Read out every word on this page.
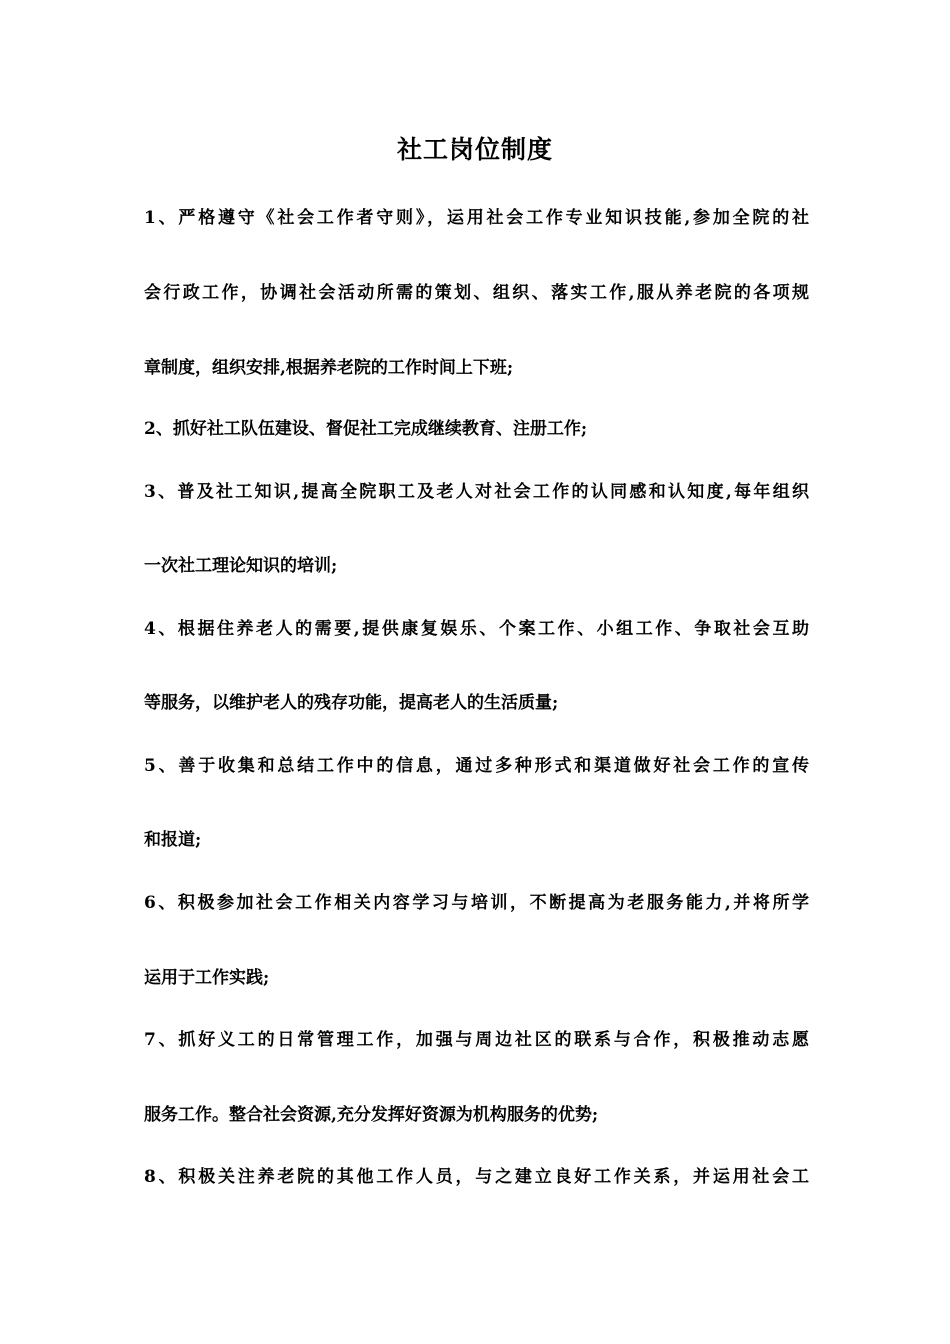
社工岗位制度
1、严格遵守《社会工作者守则》，运用社会工作专业知识技能,参加全院的社
会行政工作，协调社会活动所需的策划、组织、落实工作,服从养老院的各项规
章制度，组织安排,根据养老院的工作时间上下班;
2、抓好社工队伍建设、督促社工完成继续教育、注册工作;
3、普及社工知识,提高全院职工及老人对社会工作的认同感和认知度,每年组织
一次社工理论知识的培训;
4、根据住养老人的需要,提供康复娱乐、个案工作、小组工作、争取社会互助
等服务，以维护老人的残存功能，提高老人的生活质量;
5、善于收集和总结工作中的信息，通过多种形式和渠道做好社会工作的宣传
和报道;
6、积极参加社会工作相关内容学习与培训，不断提高为老服务能力,并将所学
运用于工作实践;
7、抓好义工的日常管理工作，加强与周边社区的联系与合作，积极推动志愿
服务工作。整合社会资源,充分发挥好资源为机构服务的优势;
8、积极关注养老院的其他工作人员，与之建立良好工作关系，并运用社会工
